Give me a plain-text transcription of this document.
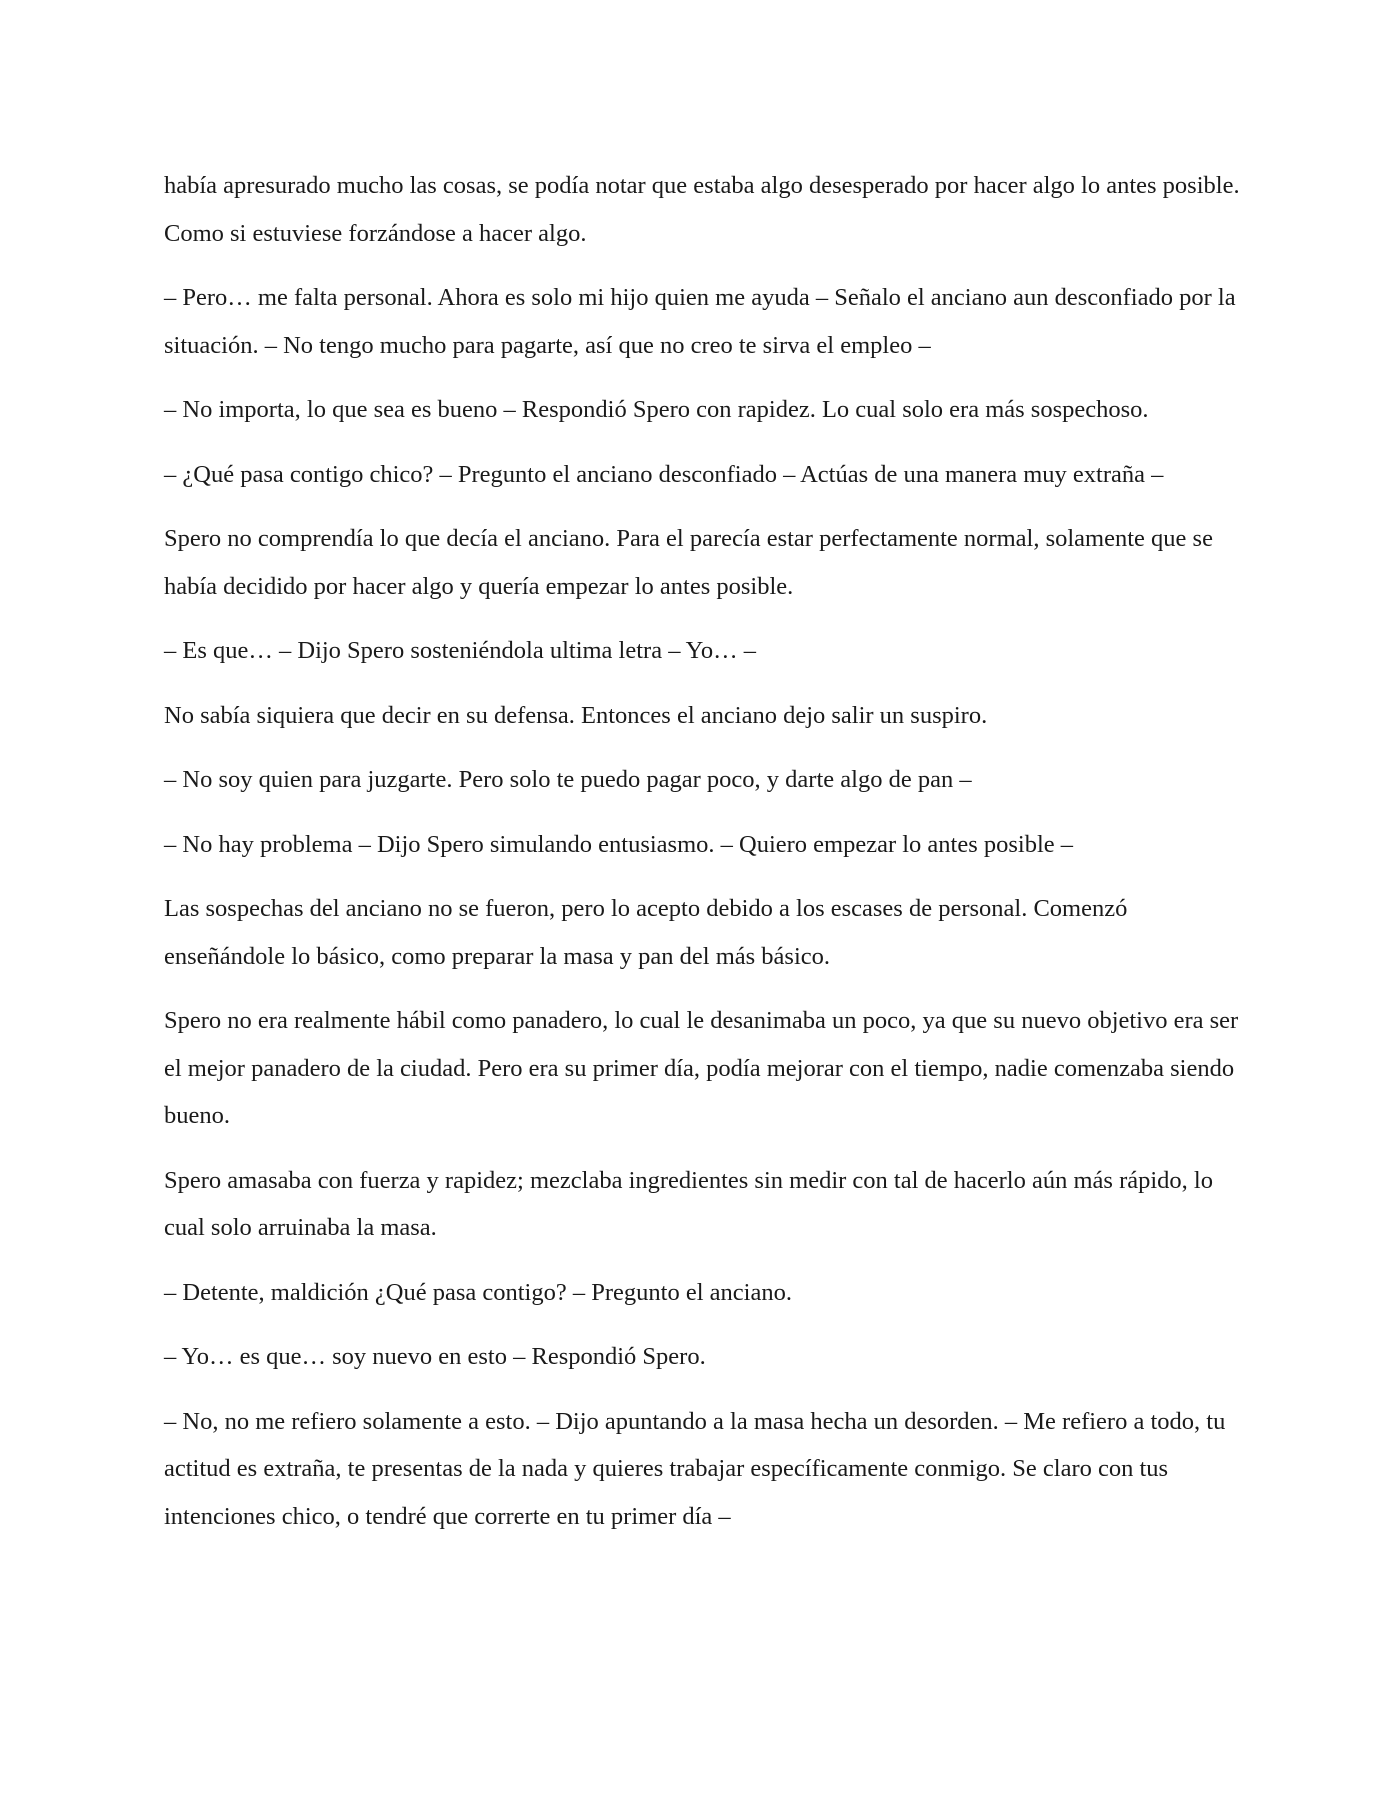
había apresurado mucho las cosas, se podía notar que estaba algo desesperado por hacer algo lo antes posible. Como si estuviese forzándose a hacer algo.

– Pero… me falta personal. Ahora es solo mi hijo quien me ayuda – Señalo el anciano aun desconfiado por la situación. – No tengo mucho para pagarte, así que no creo te sirva el empleo –

– No importa, lo que sea es bueno – Respondió Spero con rapidez. Lo cual solo era más sospechoso.

– ¿Qué pasa contigo chico? – Pregunto el anciano desconfiado – Actúas de una manera muy extraña –

Spero no comprendía lo que decía el anciano. Para el parecía estar perfectamente normal, solamente que se había decidido por hacer algo y quería empezar lo antes posible.

– Es que… – Dijo Spero sosteniéndola ultima letra – Yo… –

No sabía siquiera que decir en su defensa. Entonces el anciano dejo salir un suspiro.

– No soy quien para juzgarte. Pero solo te puedo pagar poco, y darte algo de pan –

– No hay problema – Dijo Spero simulando entusiasmo. – Quiero empezar lo antes posible –

Las sospechas del anciano no se fueron, pero lo acepto debido a los escases de personal. Comenzó enseñándole lo básico, como preparar la masa y pan del más básico.

Spero no era realmente hábil como panadero, lo cual le desanimaba un poco, ya que su nuevo objetivo era ser el mejor panadero de la ciudad. Pero era su primer día, podía mejorar con el tiempo, nadie comenzaba siendo bueno.

Spero amasaba con fuerza y rapidez; mezclaba ingredientes sin medir con tal de hacerlo aún más rápido, lo cual solo arruinaba la masa.

– Detente, maldición ¿Qué pasa contigo? – Pregunto el anciano.

– Yo… es que… soy nuevo en esto – Respondió Spero.

– No, no me refiero solamente a esto. – Dijo apuntando a la masa hecha un desorden. – Me refiero a todo, tu actitud es extraña, te presentas de la nada y quieres trabajar específicamente conmigo. Se claro con tus intenciones chico, o tendré que correrte en tu primer día –
